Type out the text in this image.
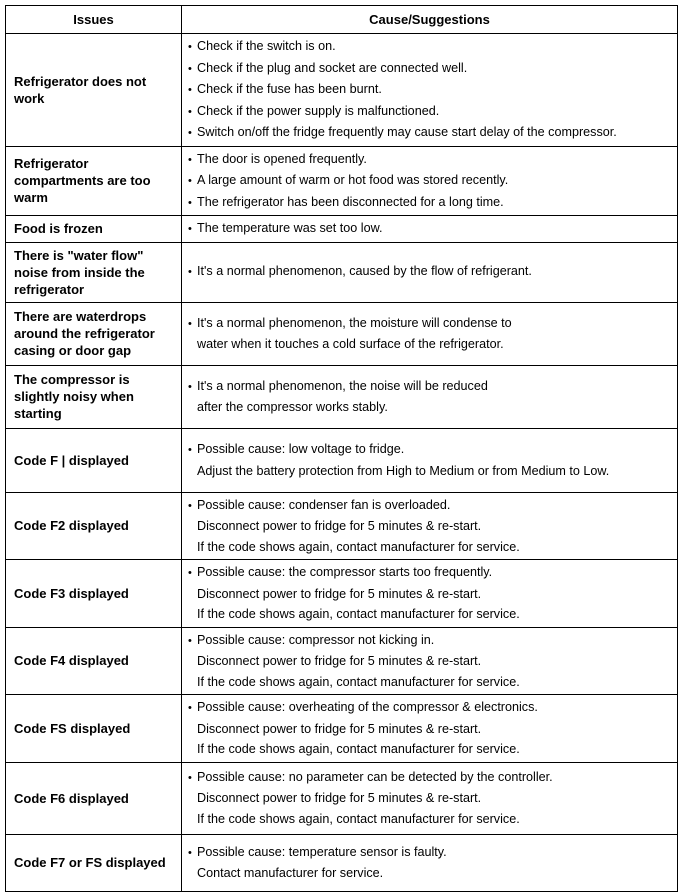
Issues	Cause/Suggestions
Refrigerator does not work	• Check if the switch is on.
• Check if the plug and socket are connected well.
• Check if the fuse has been burnt.
• Check if the power supply is malfunctioned.
• Switch on/off the fridge frequently may cause start delay of the compressor.

Refrigerator compartments are too warm	• The door is opened frequently.
• A large amount of warm or hot food was stored recently.
• The refrigerator has been disconnected for a long time.

Food is frozen	• The temperature was set too low.

There is "water flow" noise from inside the refrigerator	• It's a normal phenomenon, caused by the flow of refrigerant.

There are waterdrops around the refrigerator casing or door gap	• It's a normal phenomenon, the moisture will condense to
water when it touches a cold surface of the refrigerator.

The compressor is slightly noisy when starting	• It's a normal phenomenon, the noise will be reduced
after the compressor works stably.

Code F | displayed	• Possible cause: low voltage to fridge.
Adjust the battery protection from High to Medium or from Medium to Low.

Code F2 displayed	• Possible cause: condenser fan is overloaded.
Disconnect power to fridge for 5 minutes & re-start.
If the code shows again, contact manufacturer for service.

Code F3 displayed	• Possible cause: the compressor starts too frequently.
Disconnect power to fridge for 5 minutes & re-start.
If the code shows again, contact manufacturer for service.

Code F4 displayed	• Possible cause: compressor not kicking in.
Disconnect power to fridge for 5 minutes & re-start.
If the code shows again, contact manufacturer for service.

Code FS displayed	• Possible cause: overheating of the compressor & electronics.
Disconnect power to fridge for 5 minutes & re-start.
If the code shows again, contact manufacturer for service.

Code F6 displayed	• Possible cause: no parameter can be detected by the controller.
Disconnect power to fridge for 5 minutes & re-start.
If the code shows again, contact manufacturer for service.

Code F7 or FS displayed	• Possible cause: temperature sensor is faulty.
Contact manufacturer for service.
